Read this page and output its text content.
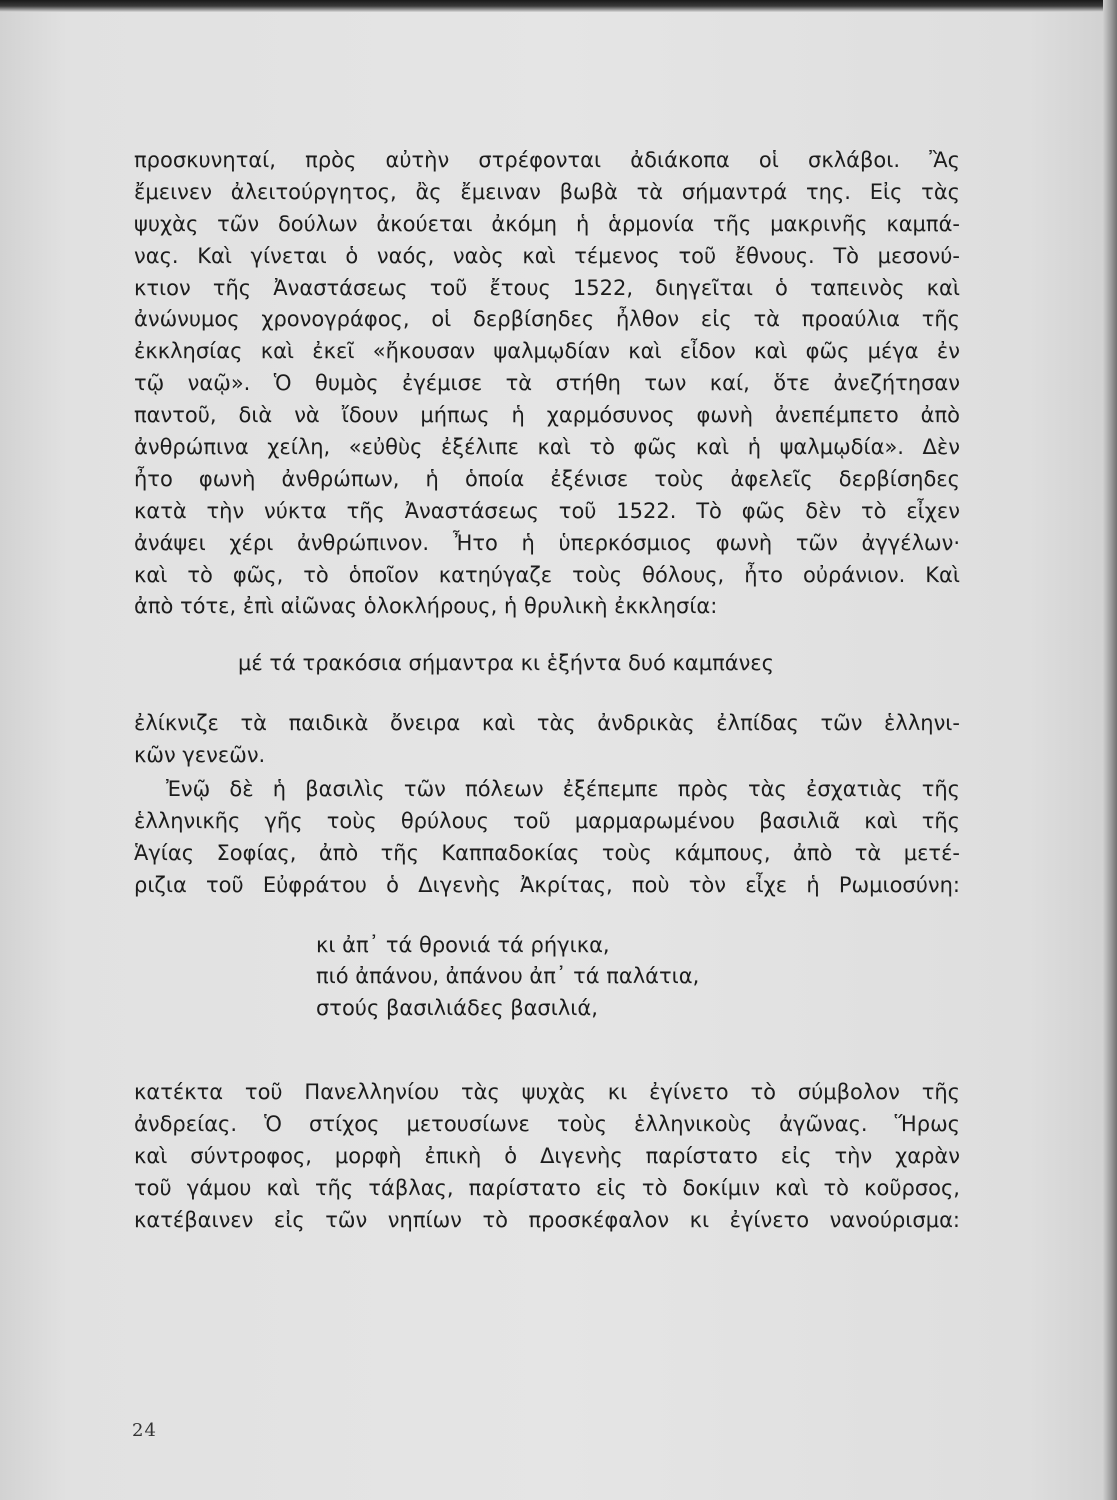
προσκυνηταί, πρὸς αὐτὴν στρέφονται ἀδιάκοπα οἱ σκλάβοι. Ἂς
ἔμεινεν ἀλειτούργητος, ἂς ἔμειναν βωβὰ τὰ σήμαντρά της. Εἰς τὰς
ψυχὰς τῶν δούλων ἀκούεται ἀκόμη ἡ ἁρμονία τῆς μακρινῆς καμπά-
νας. Καὶ γίνεται ὁ ναός, ναὸς καὶ τέμενος τοῦ ἔθνους. Τὸ μεσονύ-
κτιον τῆς Ἀναστάσεως τοῦ ἔτους 1522, διηγεῖται ὁ ταπεινὸς καὶ
ἀνώνυμος χρονογράφος, οἱ δερβίσηδες ἦλθον εἰς τὰ προαύλια τῆς
ἐκκλησίας καὶ ἐκεῖ «ἤκουσαν ψαλμῳδίαν καὶ εἶδον καὶ φῶς μέγα ἐν
τῷ ναῷ». Ὁ θυμὸς ἐγέμισε τὰ στήθη των καί, ὅτε ἀνεζήτησαν
παντοῦ, διὰ νὰ ἴδουν μήπως ἡ χαρμόσυνος φωνὴ ἀνεπέμπετο ἀπὸ
ἀνθρώπινα χείλη, «εὐθὺς ἐξέλιπε καὶ τὸ φῶς καὶ ἡ ψαλμῳδία». Δὲν
ἦτο φωνὴ ἀνθρώπων, ἡ ὁποία ἐξένισε τοὺς ἀφελεῖς δερβίσηδες
κατὰ τὴν νύκτα τῆς Ἀναστάσεως τοῦ 1522. Τὸ φῶς δὲν τὸ εἶχεν
ἀνάψει χέρι ἀνθρώπινον. Ἦτο ἡ ὑπερκόσμιος φωνὴ τῶν ἀγγέλων·
καὶ τὸ φῶς, τὸ ὁποῖον κατηύγαζε τοὺς θόλους, ἦτο οὐράνιον. Καὶ
ἀπὸ τότε, ἐπὶ αἰῶνας ὁλοκλήρους, ἡ θρυλικὴ ἐκκλησία:
μέ τά τρακόσια σήμαντρα κι ἑξήντα δυό καμπάνες
ἐλίκνιζε τὰ παιδικὰ ὄνειρα καὶ τὰς ἀνδρικὰς ἐλπίδας τῶν ἑλληνι-
κῶν γενεῶν.
Ἐνῷ δὲ ἡ βασιλὶς τῶν πόλεων ἐξέπεμπε πρὸς τὰς ἐσχατιὰς τῆς
ἑλληνικῆς γῆς τοὺς θρύλους τοῦ μαρμαρωμένου βασιλιᾶ καὶ τῆς
Ἁγίας Σοφίας, ἀπὸ τῆς Καππαδοκίας τοὺς κάμπους, ἀπὸ τὰ μετέ-
ριζια τοῦ Εὐφράτου ὁ Διγενὴς Ἀκρίτας, ποὺ τὸν εἶχε ἡ Ρωμιοσύνη:
κι ἀπ᾽ τά θρονιά τά ρήγικα,
πιό ἀπάνου, ἀπάνου ἀπ᾽ τά παλάτια,
στούς βασιλιάδες βασιλιά,
κατέκτα τοῦ Πανελληνίου τὰς ψυχὰς κι ἐγίνετο τὸ σύμβολον τῆς
ἀνδρείας. Ὁ στίχος μετουσίωνε τοὺς ἑλληνικοὺς ἀγῶνας. Ἥρως
καὶ σύντροφος, μορφὴ ἐπικὴ ὁ Διγενὴς παρίστατο εἰς τὴν χαρὰν
τοῦ γάμου καὶ τῆς τάβλας, παρίστατο εἰς τὸ δοκίμιν καὶ τὸ κοῦρσος,
κατέβαινεν εἰς τῶν νηπίων τὸ προσκέφαλον κι ἐγίνετο νανούρισμα:
24
